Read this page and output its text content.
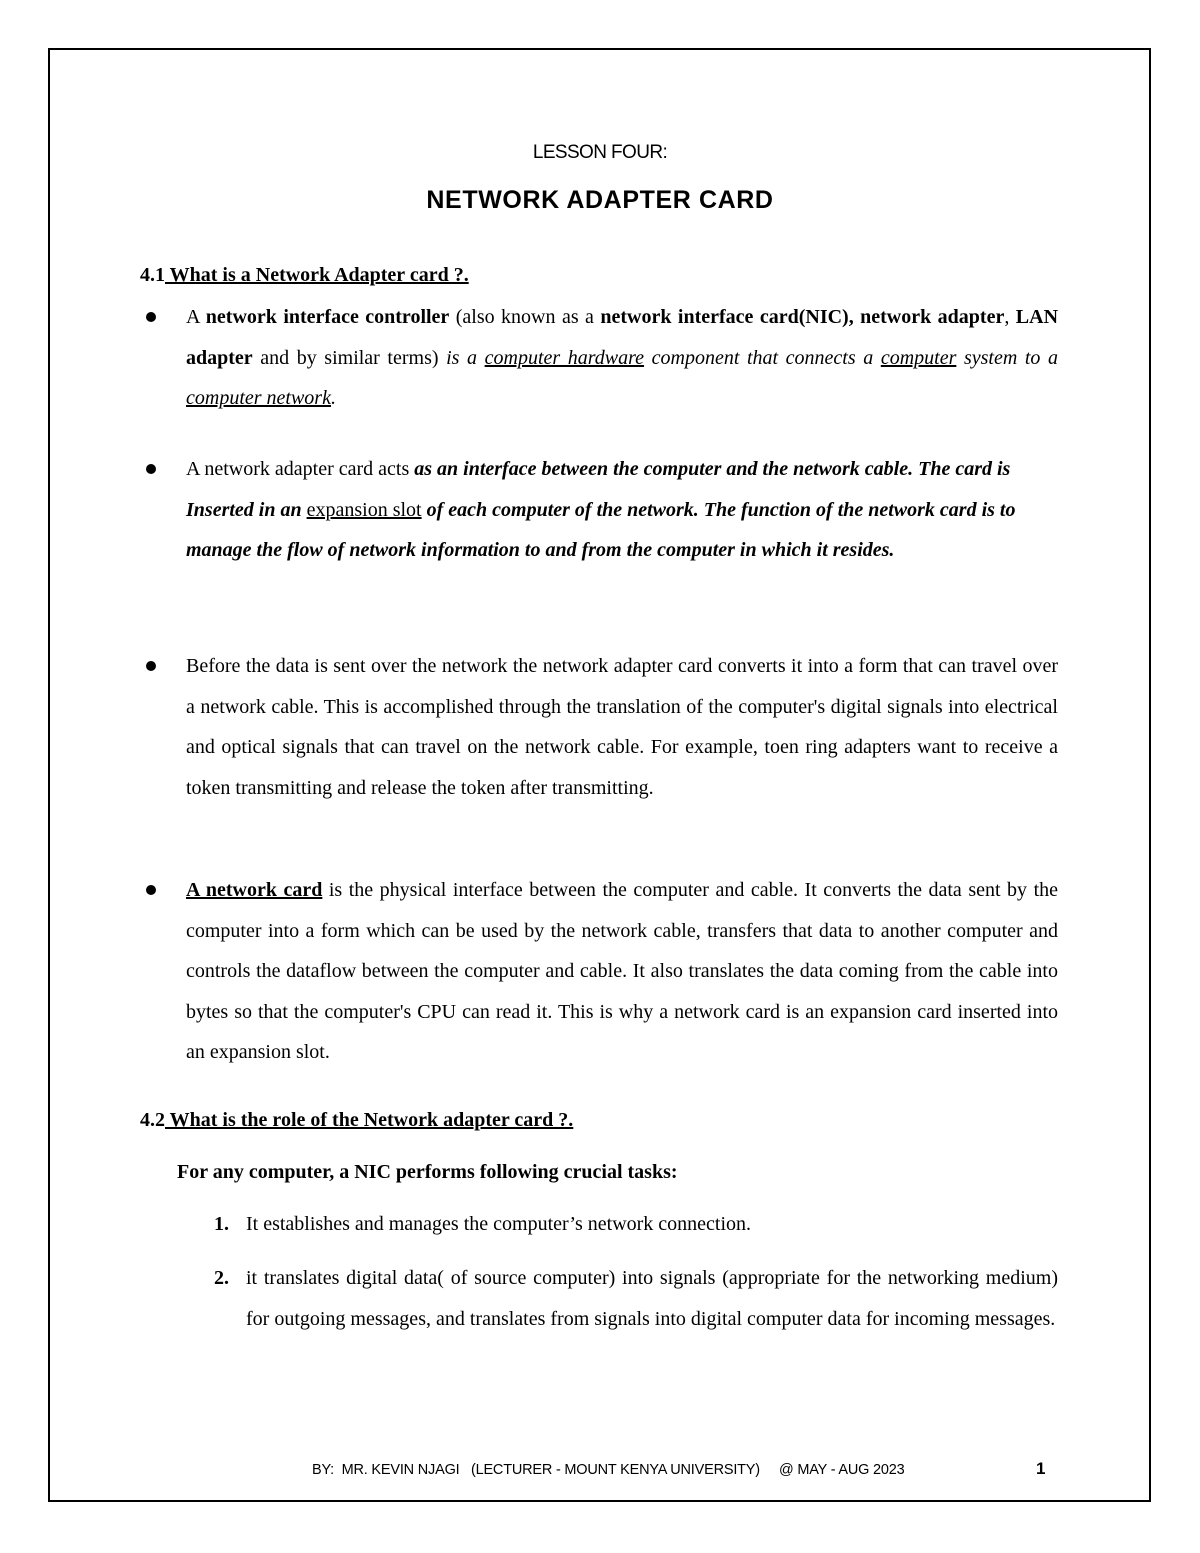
LESSON FOUR:
NETWORK ADAPTER CARD
4.1 What is a Network Adapter card ?.
A network interface controller (also known as a network interface card(NIC), network adapter, LAN adapter and by similar terms) is a computer hardware component that connects a computer system to a computer network.
A network adapter card acts as an interface between the computer and the network cable. The card is Inserted in an expansion slot of each computer of the network. The function of the network card is to manage the flow of network information to and from the computer in which it resides.
Before the data is sent over the network the network adapter card converts it into a form that can travel over a network cable. This is accomplished through the translation of the computer's digital signals into electrical and optical signals that can travel on the network cable. For example, toen ring adapters want to receive a token transmitting and release the token after transmitting.
A network card is the physical interface between the computer and cable. It converts the data sent by the computer into a form which can be used by the network cable, transfers that data to another computer and controls the dataflow between the computer and cable. It also translates the data coming from the cable into bytes so that the computer's CPU can read it. This is why a network card is an expansion card inserted into an expansion slot.
4.2 What is the role of the Network adapter card ?.
For any computer, a NIC performs following crucial tasks:
1. It establishes and manages the computer’s network connection.
2. it translates digital data( of source computer) into signals (appropriate for the networking medium) for outgoing messages, and translates from signals into digital computer data for incoming messages.
BY:  MR. KEVIN NJAGI   (LECTURER - MOUNT KENYA UNIVERSITY)     @ MAY - AUG 2023	1
